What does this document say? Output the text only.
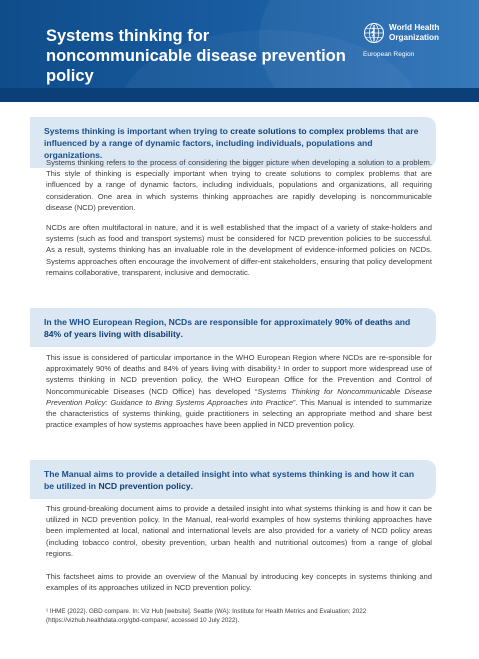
Systems thinking for noncommunicable disease prevention policy
World Health
Organization
European Region
Systems thinking is important when trying to create solutions to complex problems that are influenced by a range of dynamic factors, including individuals, populations and organizations.
Systems thinking refers to the process of considering the bigger picture when developing a solution to a problem. This style of thinking is especially important when trying to create solutions to complex problems that are influenced by a range of dynamic factors, including individuals, populations and organizations, all requiring consideration. One area in which systems thinking approaches are rapidly developing is noncommunicable disease (NCD) prevention.
NCDs are often multifactoral in nature, and it is well established that the impact of a variety of stake-holders and systems (such as food and transport systems) must be considered for NCD prevention policies to be successful. As a result, systems thinking has an invaluable role in the development of evidence-informed policies on NCDs. Systems approaches often encourage the involvement of differ-ent stakeholders, ensuring that policy development remains collaborative, transparent, inclusive and democratic.
In the WHO European Region, NCDs are responsible for approximately 90% of deaths and 84% of years living with disability.
This issue is considered of particular importance in the WHO European Region where NCDs are re-sponsible for approximately 90% of deaths and 84% of years living with disability.¹ In order to support more widespread use of systems thinking in NCD prevention policy, the WHO European Office for the Prevention and Control of Noncommunicable Diseases (NCD Office) has developed “Systems Thinking for Noncommunicable Disease Prevention Policy: Guidance to Bring Systems Approaches into Practice”. This Manual is intended to summarize the characteristics of systems thinking, guide practitioners in selecting an appropriate method and share best practice examples of how systems approaches have been applied in NCD prevention policy.
The Manual aims to provide a detailed insight into what systems thinking is and how it can be utilized in NCD prevention policy.
This ground-breaking document aims to provide a detailed insight into what systems thinking is and how it can be utilized in NCD prevention policy. In the Manual, real-world examples of how systems thinking approaches have been implemented at local, national and international levels are also provided for a variety of NCD policy areas (including tobacco control, obesity prevention, urban health and nutritional outcomes) from a range of global regions.
This factsheet aims to provide an overview of the Manual by introducing key concepts in systems thinking and examples of its approaches utilized in NCD prevention policy.
¹ IHME (2022). GBD compare. In: Viz Hub [website]. Seattle (WA): Institute for Health Metrics and Evaluation; 2022 (https://vizhub.healthdata.org/gbd-compare/, accessed 10 July 2022).
